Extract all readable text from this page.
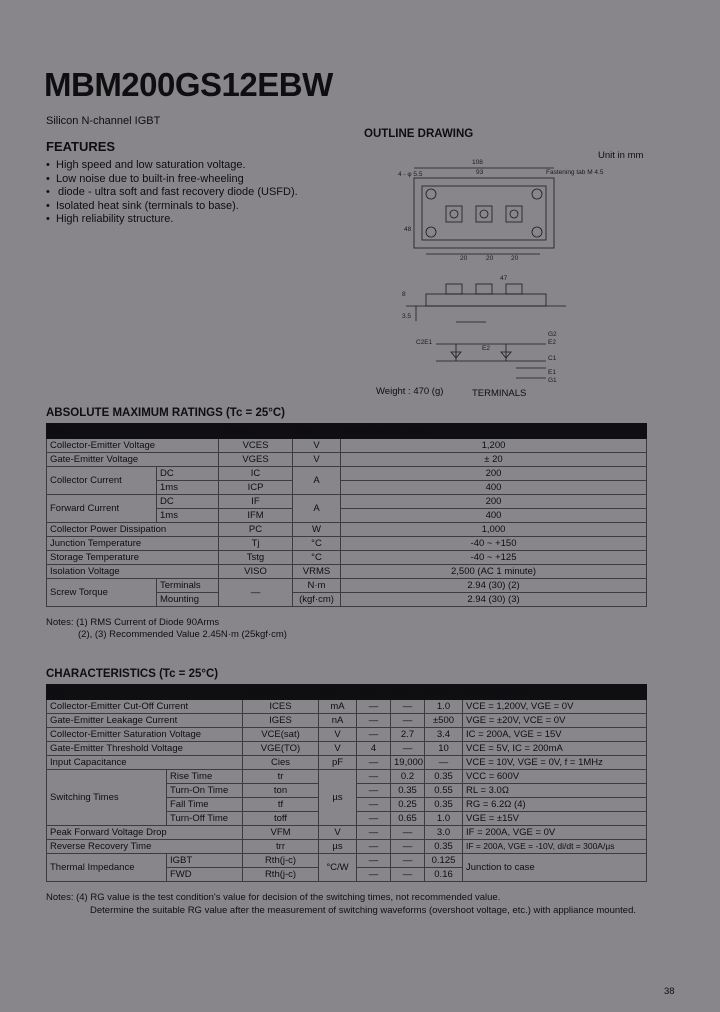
MBM200GS12EBW
Silicon N-channel IGBT
FEATURES
• High speed and low saturation voltage.
• Low noise due to built-in free-wheeling
• diode - ultra soft and fast recovery diode (USFD).
• Isolated heat sink (terminals to base).
• High reliability structure.
OUTLINE DRAWING
Unit in mm
108
93
4 - φ 5.5	Fastening tab M 4.5
48
20	20	20
47
8
3.5
C2E1
E2
G2
E2
C1
E1
G1
Weight : 470 (g)	TERMINALS
ABSOLUTE MAXIMUM RATINGS (Tc = 25°C)
Item		Symbol	Unit	MBM200GS12EBW
Collector-Emitter Voltage		VCES	V	1,200
Gate-Emitter Voltage		VGES	V	± 20
Collector Current	DC	IC	A	200
	1ms	ICP		400
Forward Current	DC	IF	A	200
	1ms	IFM		400
Collector Power Dissipation		PC	W	1,000
Junction Temperature		Tj	°C	-40 ~ +150
Storage Temperature		Tstg	°C	-40 ~ +125
Isolation Voltage		VISO	VRMS	2,500 (AC 1 minute)
Screw Torque	Terminals	—	N·m	2.94 (30) (2)
	Mounting		(kgf·cm)	2.94 (30) (3)
Notes: (1) RMS Current of Diode 90Arms
(2), (3) Recommended Value 2.45N·m (25kgf·cm)
CHARACTERISTICS (Tc = 25°C)
Item		Symbol	Unit	Min.	Typ.	Max.	Test Conditions
Collector-Emitter Cut-Off Current		ICES	mA	—	—	1.0	VCE = 1,200V, VGE = 0V
Gate-Emitter Leakage Current		IGES	nA	—	—	±500	VGE = ±20V, VCE = 0V
Collector-Emitter Saturation Voltage		VCE(sat)	V	—	2.7	3.4	IC = 200A, VGE = 15V
Gate-Emitter Threshold Voltage		VGE(TO)	V	4	—	10	VCE = 5V, IC = 200mA
Input Capacitance		Cies	pF	—	19,000	—	VCE = 10V, VGE = 0V, f = 1MHz
Switching Times	Rise Time	tr	µs	—	0.2	0.35	VCC = 600V
	Turn-On Time	ton		—	0.35	0.55	RL = 3.0Ω
	Fall Time	tf		—	0.25	0.35	RG = 6.2Ω (4)
	Turn-Off Time	toff		—	0.65	1.0	VGE = ±15V
Peak Forward Voltage Drop		VFM	V	—	—	3.0	IF = 200A, VGE = 0V
Reverse Recovery Time		trr	µs	—	—	0.35	IF = 200A, VGE = -10V, di/dt = 300A/µs
Thermal Impedance	IGBT	Rth(j-c)	°C/W	—	—	0.125	Junction to case
	FWD	Rth(j-c)		—	—	0.16	
Notes: (4) RG value is the test condition's value for decision of the switching times, not recommended value.
Determine the suitable RG value after the measurement of switching waveforms (overshoot voltage, etc.) with appliance mounted.
38
